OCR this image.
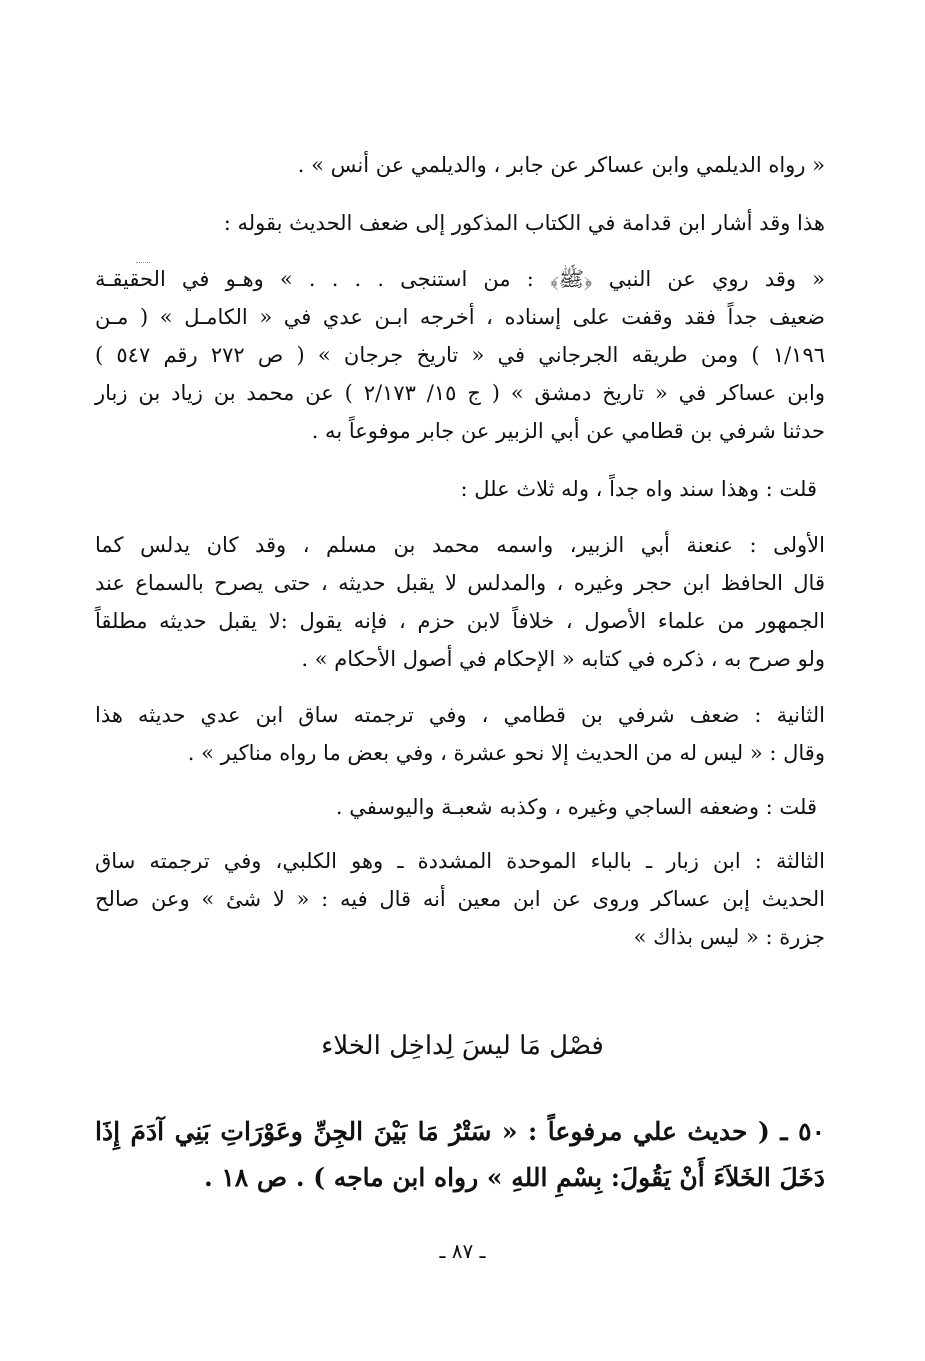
« رواه الديلمي وابن عساكر عن جابر ، والديلمي عن أنس » .
هذا وقد أشار ابن قدامة في الكتاب المذكور إلى ضعف الحديث بقوله :
« وقد روي عن النبي ﴿ﷺ﴾ : من استنجى . . . . » وهـو في الحقيقـة
ضعيف جداً فقد وقفت على إسناده ، أخرجه ابـن عدي في « الكامـل » ( مـن
١/١٩٦ ) ومن طريقه الجرجاني في « تاريخ جرجان » ( ص ٢٧٢ رقم ٥٤٧ )
وابن عساكر في « تاريخ دمشق » ( ج ١٥/ ٢/١٧٣ ) عن محمد بن زياد بن زبار
حدثنا شرفي بن قطامي عن أبي الزبير عن جابر موفوعاً به .
قلت : وهذا سند واه جداً ، وله ثلاث علل :
الأولى : عنعنة أبي الزبير، واسمه محمد بن مسلم ، وقد كان يدلس كما
قال الحافظ ابن حجر وغيره ، والمدلس لا يقبل حديثه ، حتى يصرح بالسماع عند
الجمهور من علماء الأصول ، خلافاً لابن حزم ، فإنه يقول :لا يقبل حديثه مطلقاً
ولو صرح به ، ذكره في كتابه « الإحكام في أصول الأحكام » .
الثانية : ضعف شرفي بن قطامي ، وفي ترجمته ساق ابن عدي حديثه هذا
وقال : « ليس له من الحديث إلا نحو عشرة ، وفي بعض ما رواه مناكير » .
قلت : وضعفه الساجي وغيره ، وكذبه شعبـة واليوسفي .
الثالثة : ابن زبار ـ بالباء الموحدة المشددة ـ وهو الكلبي، وفي ترجمته ساق
الحديث إبن عساكر وروى عن ابن معين أنه قال فيه : « لا شئ » وعن صالح
جزرة : « ليس بذاك »
فصْل مَا ليسَ لِداخِل الخلاء
٥٠ ـ ( حديث علي مرفوعاً : « سَتْرُ مَا بَيْنَ الجِنِّ وعَوْرَاتِ بَنِي آدَمَ إِذَا
دَخَلَ الخَلاَءَ أَنْ يَقُولَ: بِسْمِ اللهِ » رواه ابن ماجه ) . ص ١٨ .
ـ ٨٧ ـ
